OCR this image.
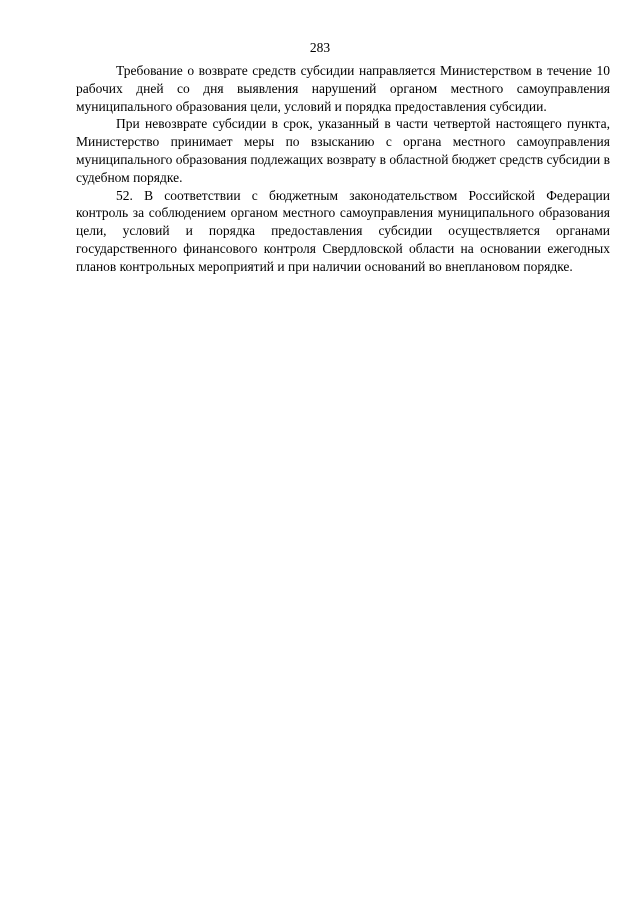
283

Требование о возврате средств субсидии направляется Министерством в течение 10 рабочих дней со дня выявления нарушений органом местного самоуправления муниципального образования цели, условий и порядка предоставления субсидии.

При невозврате субсидии в срок, указанный в части четвертой настоящего пункта, Министерство принимает меры по взысканию с органа местного самоуправления муниципального образования подлежащих возврату в областной бюджет средств субсидии в судебном порядке.

52. В соответствии с бюджетным законодательством Российской Федерации контроль за соблюдением органом местного самоуправления муниципального образования цели, условий и порядка предоставления субсидии осуществляется органами государственного финансового контроля Свердловской области на основании ежегодных планов контрольных мероприятий и при наличии оснований во внеплановом порядке.
